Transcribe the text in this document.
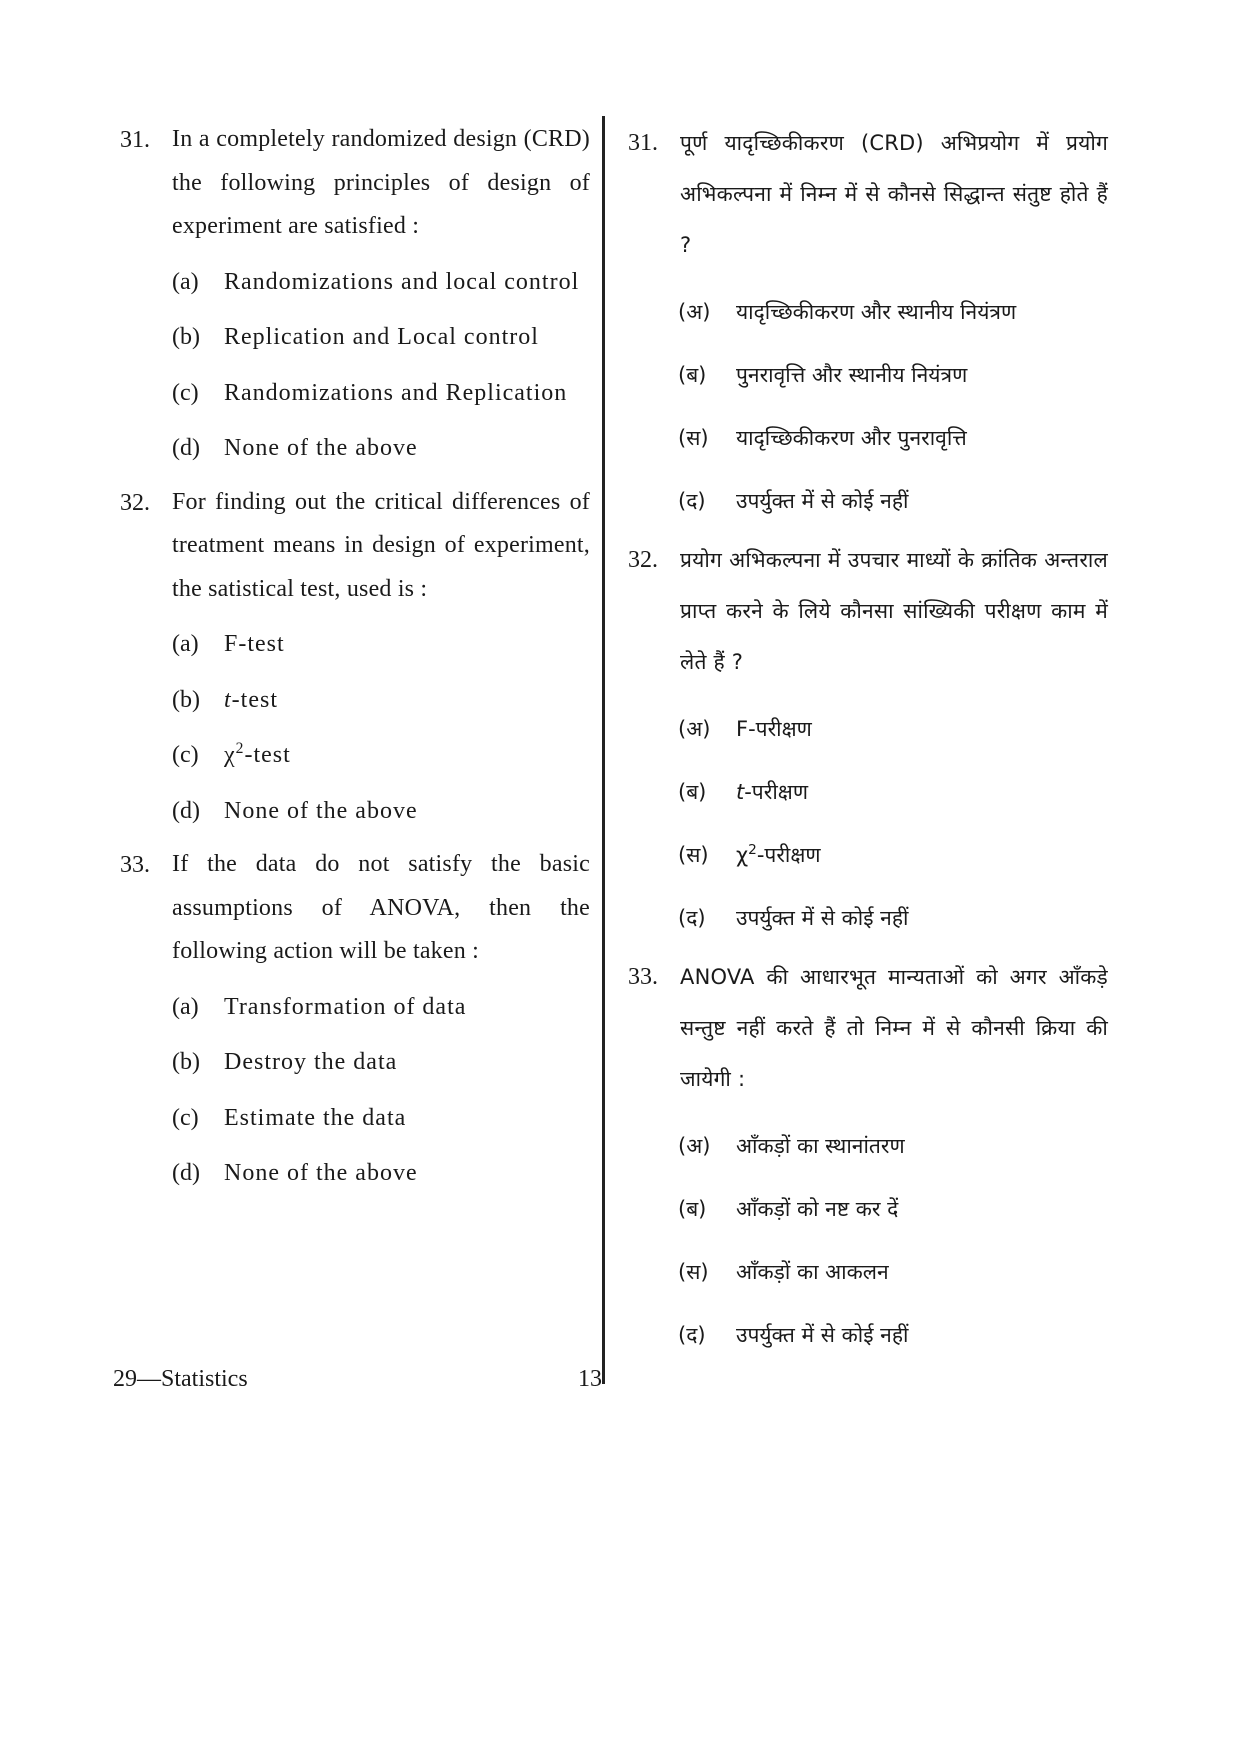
31. In a completely randomized design (CRD) the following principles of design of experiment are satisfied :
(a) Randomizations and local control
(b) Replication and Local control
(c) Randomizations and Replication
(d) None of the above
32. For finding out the critical differences of treatment means in design of experiment, the satistical test, used is :
(a) F-test
(b) t-test
(c) $\chi^2$-test
(d) None of the above
33. If the data do not satisfy the basic assumptions of ANOVA, then the following action will be taken :
(a) Transformation of data
(b) Destroy the data
(c) Estimate the data
(d) None of the above
31. पूर्ण यादृच्छिकीकरण (CRD) अभिप्रयोग में प्रयोग अभिकल्पना में निम्न में से कौनसे सिद्धान्त संतुष्ट होते हैं ?
(अ) यादृच्छिकीकरण और स्थानीय नियंत्रण
(ब) पुनरावृत्ति और स्थानीय नियंत्रण
(स) यादृच्छिकीकरण और पुनरावृत्ति
(द) उपर्युक्त में से कोई नहीं
32. प्रयोग अभिकल्पना में उपचार माध्यों के क्रांतिक अन्तराल प्राप्त करने के लिये कौनसा सांख्यिकी परीक्षण काम में लेते हैं ?
(अ) F-परीक्षण
(ब) t-परीक्षण
(स) $\chi^2-परीक्षण$
(द) उपर्युक्त में से कोई नहीं
33. ANOVA की आधारभूत मान्यताओं को अगर आँकड़े सन्तुष्ट नहीं करते हैं तो निम्न में से कौनसी क्रिया की जायेगी :
(अ) आँकड़ों का स्थानांतरण
(ब) आँकड़ों को नष्ट कर दें
(स) आँकड़ों का आकलन
(द) उपर्युक्त में से कोई नहीं
29—Statistics	13
